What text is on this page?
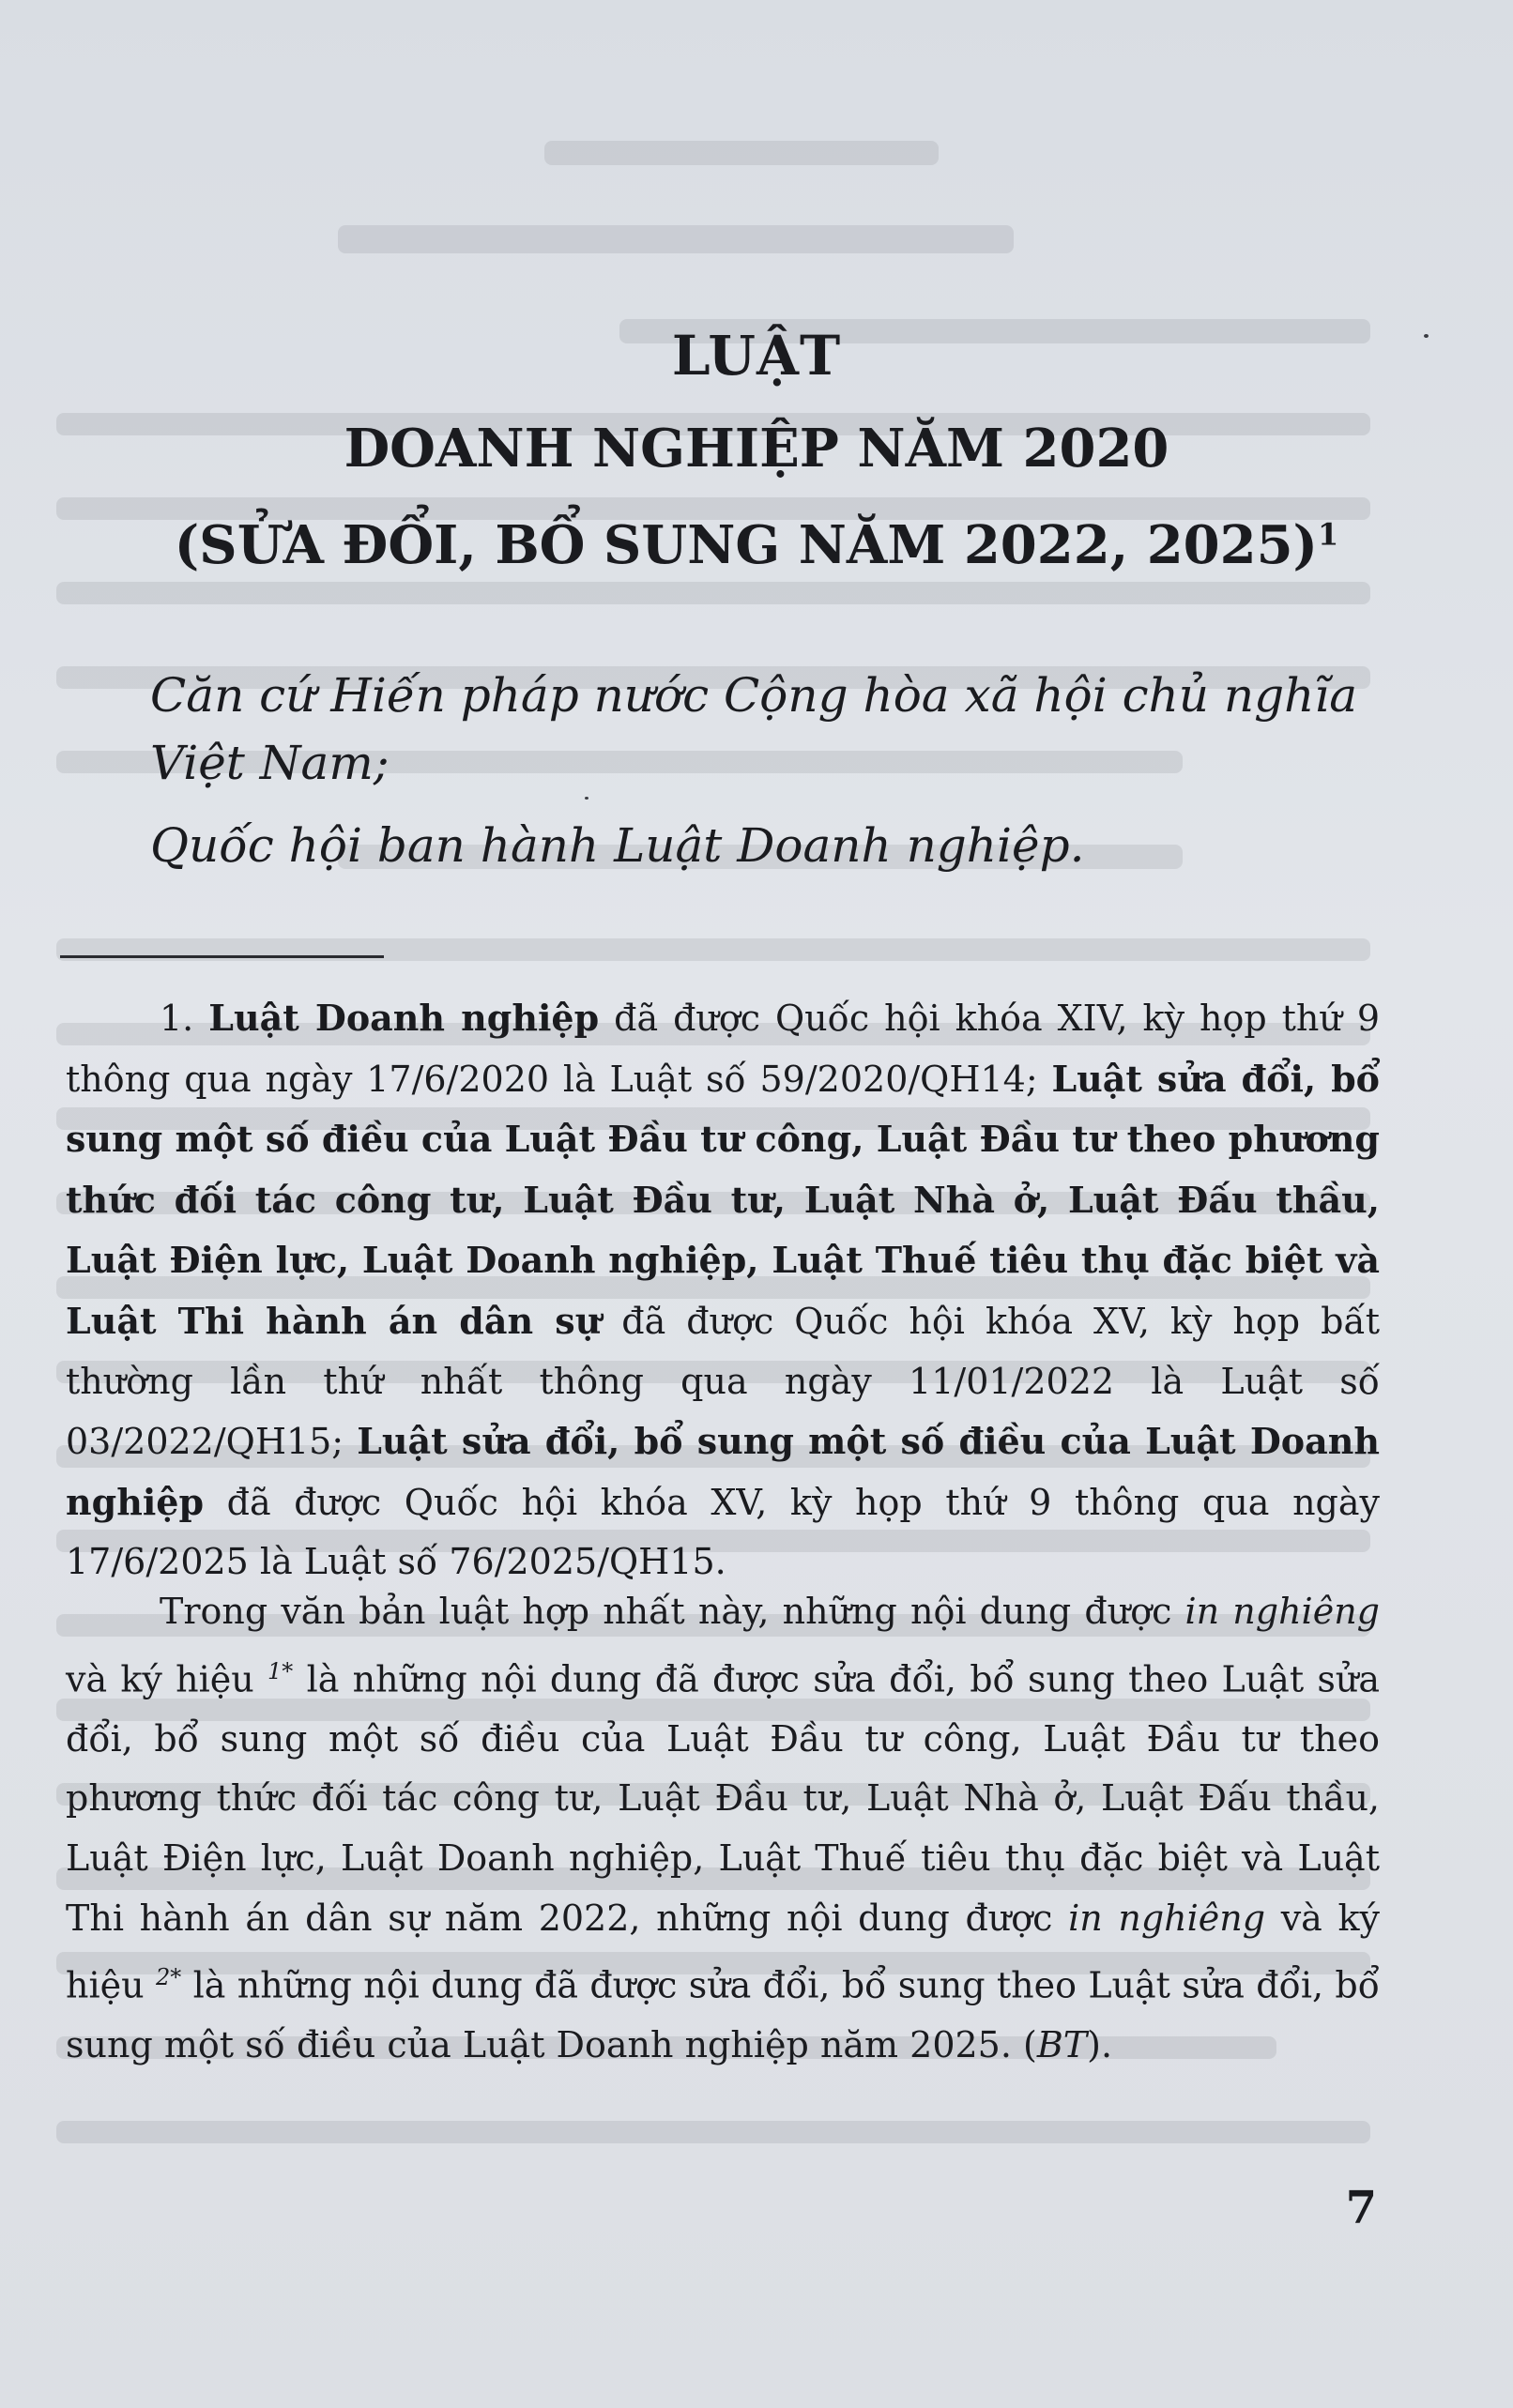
LUẬT
DOANH NGHIỆP NĂM 2020
(SỬA ĐỔI, BỔ SUNG NĂM 2022, 2025)$^1$
Căn cứ Hiến pháp nước Cộng hòa xã hội chủ nghĩa Việt Nam;
Quốc hội ban hành Luật Doanh nghiệp.
1. Luật Doanh nghiệp đã được Quốc hội khóa XIV, kỳ họp thứ 9 thông qua ngày 17/6/2020 là Luật số 59/2020/QH14; Luật sửa đổi, bổ sung một số điều của Luật Đầu tư công, Luật Đầu tư theo phương thức đối tác công tư, Luật Đầu tư, Luật Nhà ở, Luật Đấu thầu, Luật Điện lực, Luật Doanh nghiệp, Luật Thuế tiêu thụ đặc biệt và Luật Thi hành án dân sự đã được Quốc hội khóa XV, kỳ họp bất thường lần thứ nhất thông qua ngày 11/01/2022 là Luật số 03/2022/QH15; Luật sửa đổi, bổ sung một số điều của Luật Doanh nghiệp đã được Quốc hội khóa XV, kỳ họp thứ 9 thông qua ngày 17/6/2025 là Luật số 76/2025/QH15.
Trong văn bản luật hợp nhất này, những nội dung được in nghiêng và ký hiệu $^{1*}$ là những nội dung đã được sửa đổi, bổ sung theo Luật sửa đổi, bổ sung một số điều của Luật Đầu tư công, Luật Đầu tư theo phương thức đối tác công tư, Luật Đầu tư, Luật Nhà ở, Luật Đấu thầu, Luật Điện lực, Luật Doanh nghiệp, Luật Thuế tiêu thụ đặc biệt và Luật Thi hành án dân sự năm 2022, những nội dung được in nghiêng và ký hiệu $^{2*}$ là những nội dung đã được sửa đổi, bổ sung theo Luật sửa đổi, bổ sung một số điều của Luật Doanh nghiệp năm 2025. (BT).
7
